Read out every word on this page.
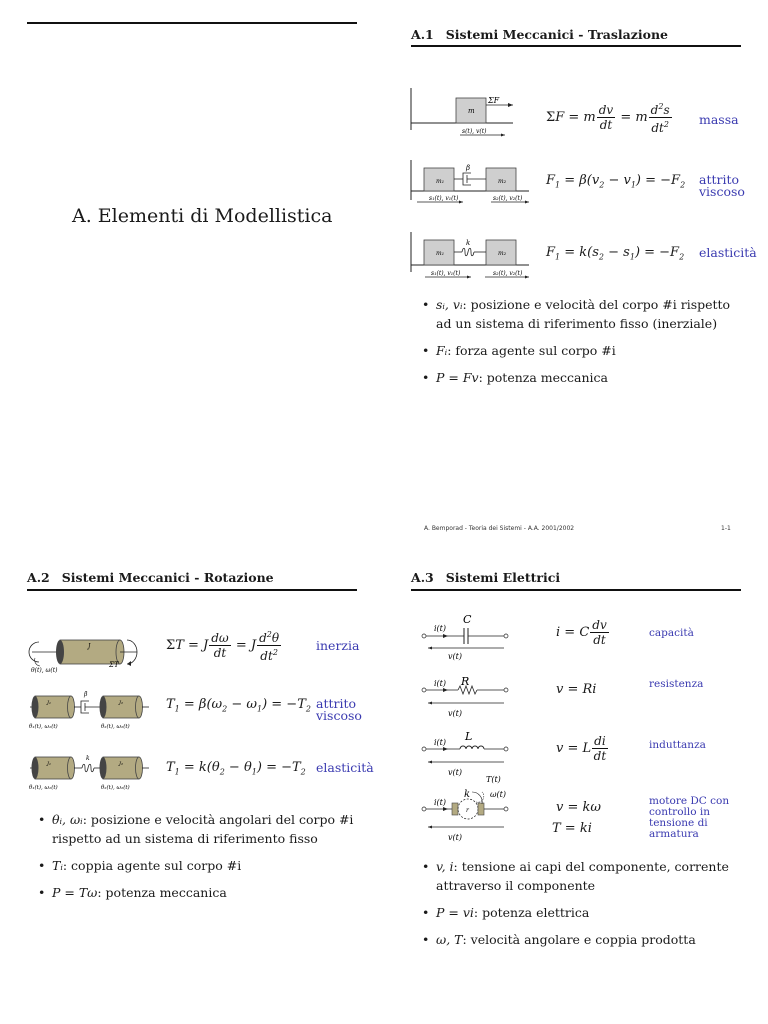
A. Elementi di Modellistica
A.1 Sistemi Meccanici - Traslazione
m
ΣF
s(t), v(t)
ΣF = m $\frac{dv}{dt} = m \frac{d^2s}{dt^2}$ massa
m₁	m₂
β
s₁(t), v₁(t)	s₂(t), v₂(t)
$F_1 = \beta(v_2 - v_1) = -F_2$ attrito viscoso
m₁	m₂
k
s₁(t), v₁(t)	s₂(t), v₂(t)
$F_1 = k(s_2 - s_1) = -F_2$ elasticità
• sᵢ, vᵢ: posizione e velocità del corpo #i rispetto ad un sistema di riferimento fisso (inerziale)
• Fᵢ: forza agente sul corpo #i
• P = Fv: potenza meccanica
A. Bemporad - Teoria dei Sistemi - A.A. 2001/2002	1-1
A.2 Sistemi Meccanici - Rotazione
J
ΣT
θ(t), ω(t)
ΣT = J $\frac{d\omega}{dt} = J \frac{d^2\theta}{dt^2}$	inerzia
J₁
β
J₂
θ₁(t), ω₁(t)	θ₂(t), ω₂(t)
$T_1 = \beta(\omega_2 - \omega_1) = -T_2$ attrito viscoso
J₁
k
J₂
θ₁(t), ω₁(t)	θ₂(t), ω₂(t)
$T_1 = k(\theta_2 - \theta_1) = -T_2$ elasticità
• θᵢ, ωᵢ: posizione e velocità angolari del corpo #i rispetto ad un sistema di riferimento fisso
• Tᵢ: coppia agente sul corpo #i
• P = Tω: potenza meccanica
A.3 Sistemi Elettrici
i(t)
C
v(t)
i = C $\frac{dv}{dt}$	capacità
i(t) R
v(t)
v = Ri	resistenza
i(t) L
v(t)
v = L $\frac{di}{dt}$	induttanza
r
i(t)
k
T(t)
ω(t)
v(t)
v = kω
T = ki
motore DC con controllo in tensione di armatura
• v, i: tensione ai capi del componente, corrente attraverso il componente
• P = vi: potenza elettrica
• ω, T: velocità angolare e coppia prodotta
